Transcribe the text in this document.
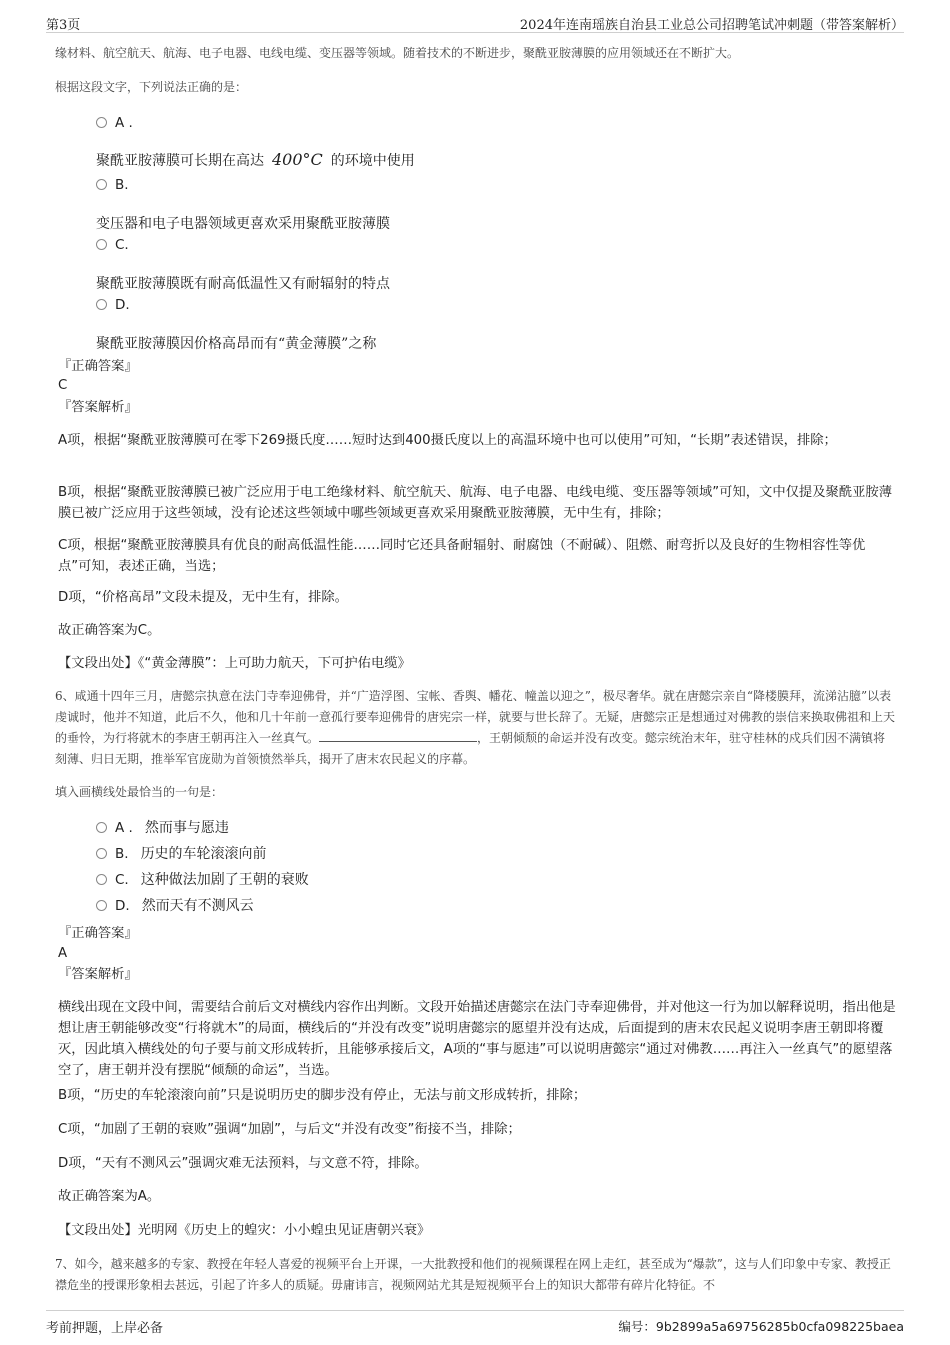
第3页	2024年连南瑶族自治县工业总公司招聘笔试冲刺题（带答案解析）
缘材料、航空航天、航海、电子电器、电线电缆、变压器等领域。随着技术的不断进步，聚酰亚胺薄膜的应用领域还在不断扩大。
根据这段文字，下列说法正确的是：
A .
聚酰亚胺薄膜可长期在高达 400°C 的环境中使用
B.
变压器和电子电器领域更喜欢采用聚酰亚胺薄膜
C.
聚酰亚胺薄膜既有耐高低温性又有耐辐射的特点
D.
聚酰亚胺薄膜因价格高昂而有“黄金薄膜”之称
『正确答案』
C
『答案解析』
A项，根据“聚酰亚胺薄膜可在零下269摄氏度……短时达到400摄氏度以上的高温环境中也可以使用”可知，“长期”表述错误，排除；
B项，根据“聚酰亚胺薄膜已被广泛应用于电工绝缘材料、航空航天、航海、电子电器、电线电缆、变压器等领域”可知，文中仅提及聚酰亚胺薄膜已被广泛应用于这些领域，没有论述这些领域中哪些领域更喜欢采用聚酰亚胺薄膜，无中生有，排除；
C项，根据“聚酰亚胺薄膜具有优良的耐高低温性能……同时它还具备耐辐射、耐腐蚀（不耐碱）、阻燃、耐弯折以及良好的生物相容性等优点”可知，表述正确，当选；
D项，“价格高昂”文段未提及，无中生有，排除。
故正确答案为C。
【文段出处】《“黄金薄膜”：上可助力航天，下可护佑电缆》
6、咸通十四年三月，唐懿宗执意在法门寺奉迎佛骨，并“广造浮图、宝帐、香舆、幡花、幢盖以迎之”，极尽奢华。就在唐懿宗亲自“降楼膜拜，流涕沾臆”以表虔诚时，他并不知道，此后不久，他和几十年前一意孤行要奉迎佛骨的唐宪宗一样，就要与世长辞了。无疑，唐懿宗正是想通过对佛教的崇信来换取佛祖和上天的垂怜，为行将就木的李唐王朝再注入一丝真气。	，王朝倾颓的命运并没有改变。懿宗统治末年，驻守桂林的戍兵们因不满镇将刻薄、归日无期，推举军官庞勋为首领愤然举兵，揭开了唐末农民起义的序幕。
填入画横线处最恰当的一句是：
A . 然而事与愿违
B. 历史的车轮滚滚向前
C. 这种做法加剧了王朝的衰败
D. 然而天有不测风云
『正确答案』
A
『答案解析』
横线出现在文段中间，需要结合前后文对横线内容作出判断。文段开始描述唐懿宗在法门寺奉迎佛骨，并对他这一行为加以解释说明，指出他是想让唐王朝能够改变“行将就木”的局面，横线后的“并没有改变”说明唐懿宗的愿望并没有达成，后面提到的唐末农民起义说明李唐王朝即将覆灭，因此填入横线处的句子要与前文形成转折，且能够承接后文，A项的“事与愿违”可以说明唐懿宗“通过对佛教……再注入一丝真气”的愿望落空了，唐王朝并没有摆脱“倾颓的命运”，当选。
B项，“历史的车轮滚滚向前”只是说明历史的脚步没有停止，无法与前文形成转折，排除；
C项，“加剧了王朝的衰败”强调“加剧”，与后文“并没有改变”衔接不当，排除；
D项，“天有不测风云”强调灾难无法预料，与文意不符，排除。
故正确答案为A。
【文段出处】光明网《历史上的蝗灾：小小蝗虫见证唐朝兴衰》
7、如今，越来越多的专家、教授在年轻人喜爱的视频平台上开课，一大批教授和他们的视频课程在网上走红，甚至成为“爆款”，这与人们印象中专家、教授正襟危坐的授课形象相去甚远，引起了许多人的质疑。毋庸讳言，视频网站尤其是短视频平台上的知识大都带有碎片化特征。不
考前押题，上岸必备	编号：9b2899a5a69756285b0cfa098225baea
